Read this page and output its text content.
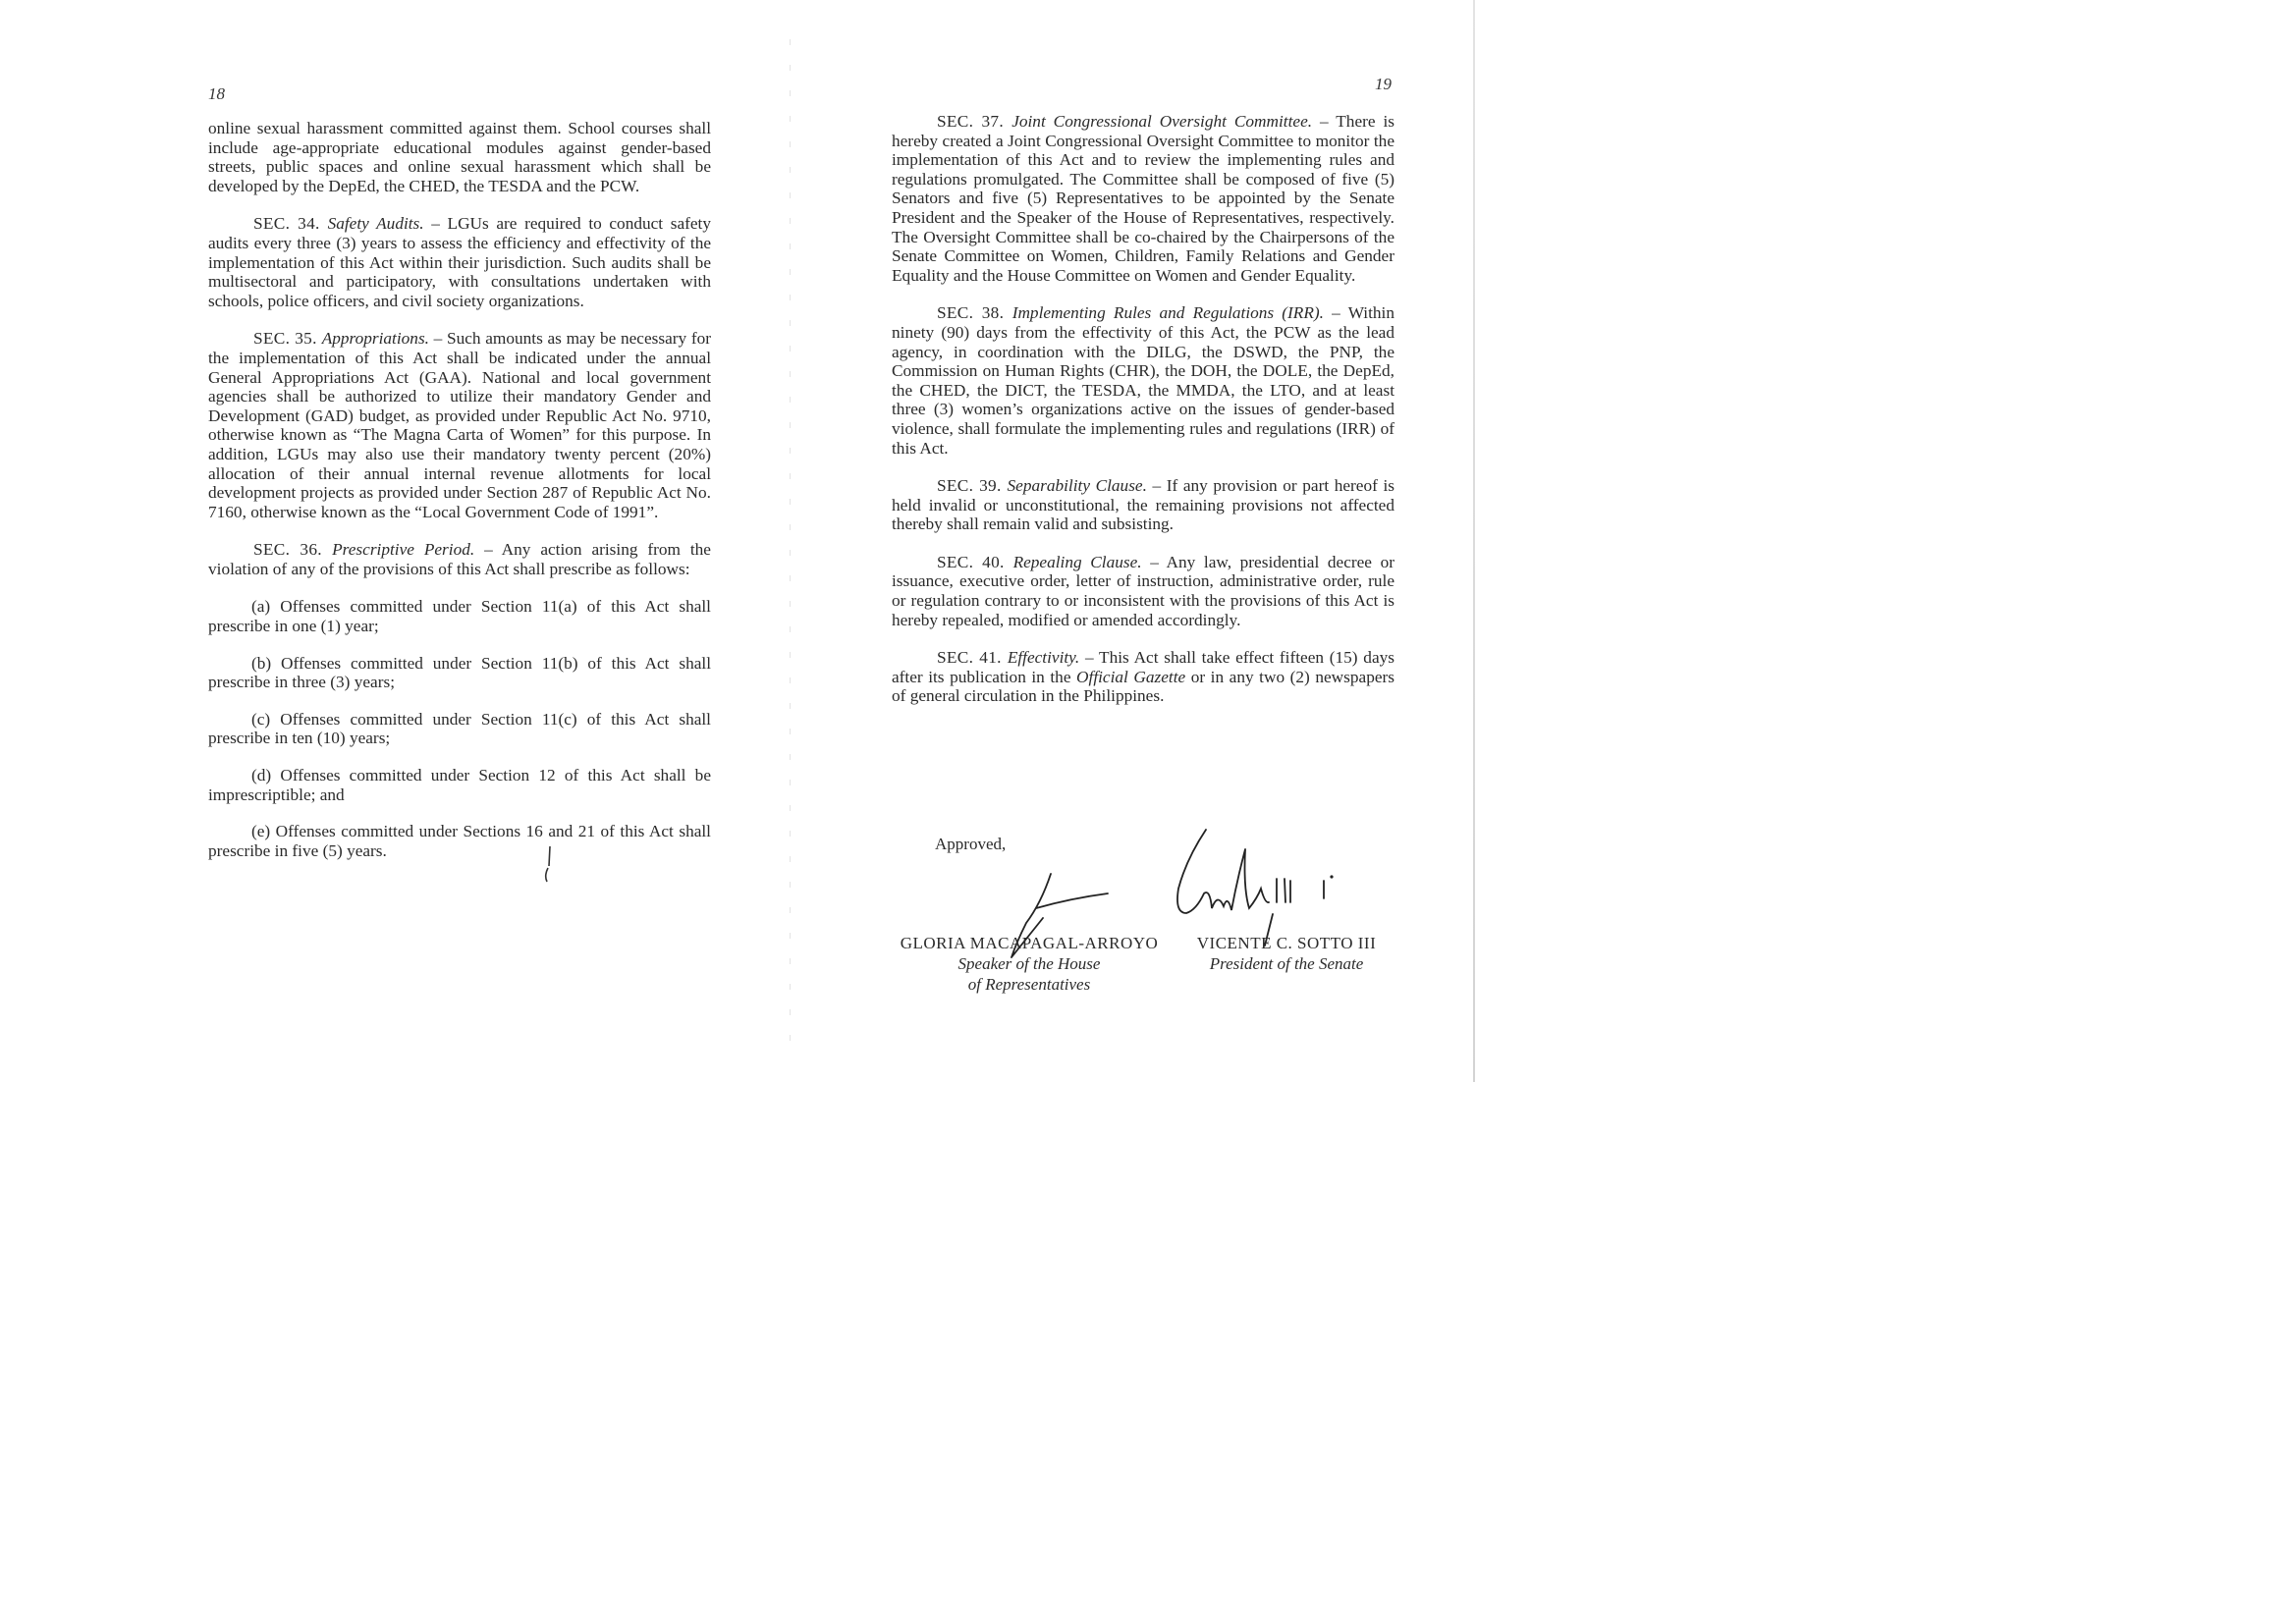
18

online sexual harassment committed against them. School courses shall include age-appropriate educational modules against gender-based streets, public spaces and online sexual harassment which shall be developed by the DepEd, the CHED, the TESDA and the PCW.

SEC. 34. Safety Audits. – LGUs are required to conduct safety audits every three (3) years to assess the efficiency and effectivity of the implementation of this Act within their jurisdiction. Such audits shall be multisectoral and participatory, with consultations undertaken with schools, police officers, and civil society organizations.

SEC. 35. Appropriations. – Such amounts as may be necessary for the implementation of this Act shall be indicated under the annual General Appropriations Act (GAA). National and local government agencies shall be authorized to utilize their mandatory Gender and Development (GAD) budget, as provided under Republic Act No. 9710, otherwise known as “The Magna Carta of Women” for this purpose. In addition, LGUs may also use their mandatory twenty percent (20%) allocation of their annual internal revenue allotments for local development projects as provided under Section 287 of Republic Act No. 7160, otherwise known as the “Local Government Code of 1991”.

SEC. 36. Prescriptive Period. – Any action arising from the violation of any of the provisions of this Act shall prescribe as follows:

(a) Offenses committed under Section 11(a) of this Act shall prescribe in one (1) year;

(b) Offenses committed under Section 11(b) of this Act shall prescribe in three (3) years;

(c) Offenses committed under Section 11(c) of this Act shall prescribe in ten (10) years;

(d) Offenses committed under Section 12 of this Act shall be imprescriptible; and

(e) Offenses committed under Sections 16 and 21 of this Act shall prescribe in five (5) years.

19

SEC. 37. Joint Congressional Oversight Committee. – There is hereby created a Joint Congressional Oversight Committee to monitor the implementation of this Act and to review the implementing rules and regulations promulgated. The Committee shall be composed of five (5) Senators and five (5) Representatives to be appointed by the Senate President and the Speaker of the House of Representatives, respectively. The Oversight Committee shall be co-chaired by the Chairpersons of the Senate Committee on Women, Children, Family Relations and Gender Equality and the House Committee on Women and Gender Equality.

SEC. 38. Implementing Rules and Regulations (IRR). – Within ninety (90) days from the effectivity of this Act, the PCW as the lead agency, in coordination with the DILG, the DSWD, the PNP, the Commission on Human Rights (CHR), the DOH, the DOLE, the DepEd, the CHED, the DICT, the TESDA, the MMDA, the LTO, and at least three (3) women’s organizations active on the issues of gender-based violence, shall formulate the implementing rules and regulations (IRR) of this Act.

SEC. 39. Separability Clause. – If any provision or part hereof is held invalid or unconstitutional, the remaining provisions not affected thereby shall remain valid and subsisting.

SEC. 40. Repealing Clause. – Any law, presidential decree or issuance, executive order, letter of instruction, administrative order, rule or regulation contrary to or inconsistent with the provisions of this Act is hereby repealed, modified or amended accordingly.

SEC. 41. Effectivity. – This Act shall take effect fifteen (15) days after its publication in the Official Gazette or in any two (2) newspapers of general circulation in the Philippines.

Approved,
GLORIA MACAPAGAL-ARROYO
Speaker of the House
of Representatives
VICENTE C. SOTTO III
President of the Senate
